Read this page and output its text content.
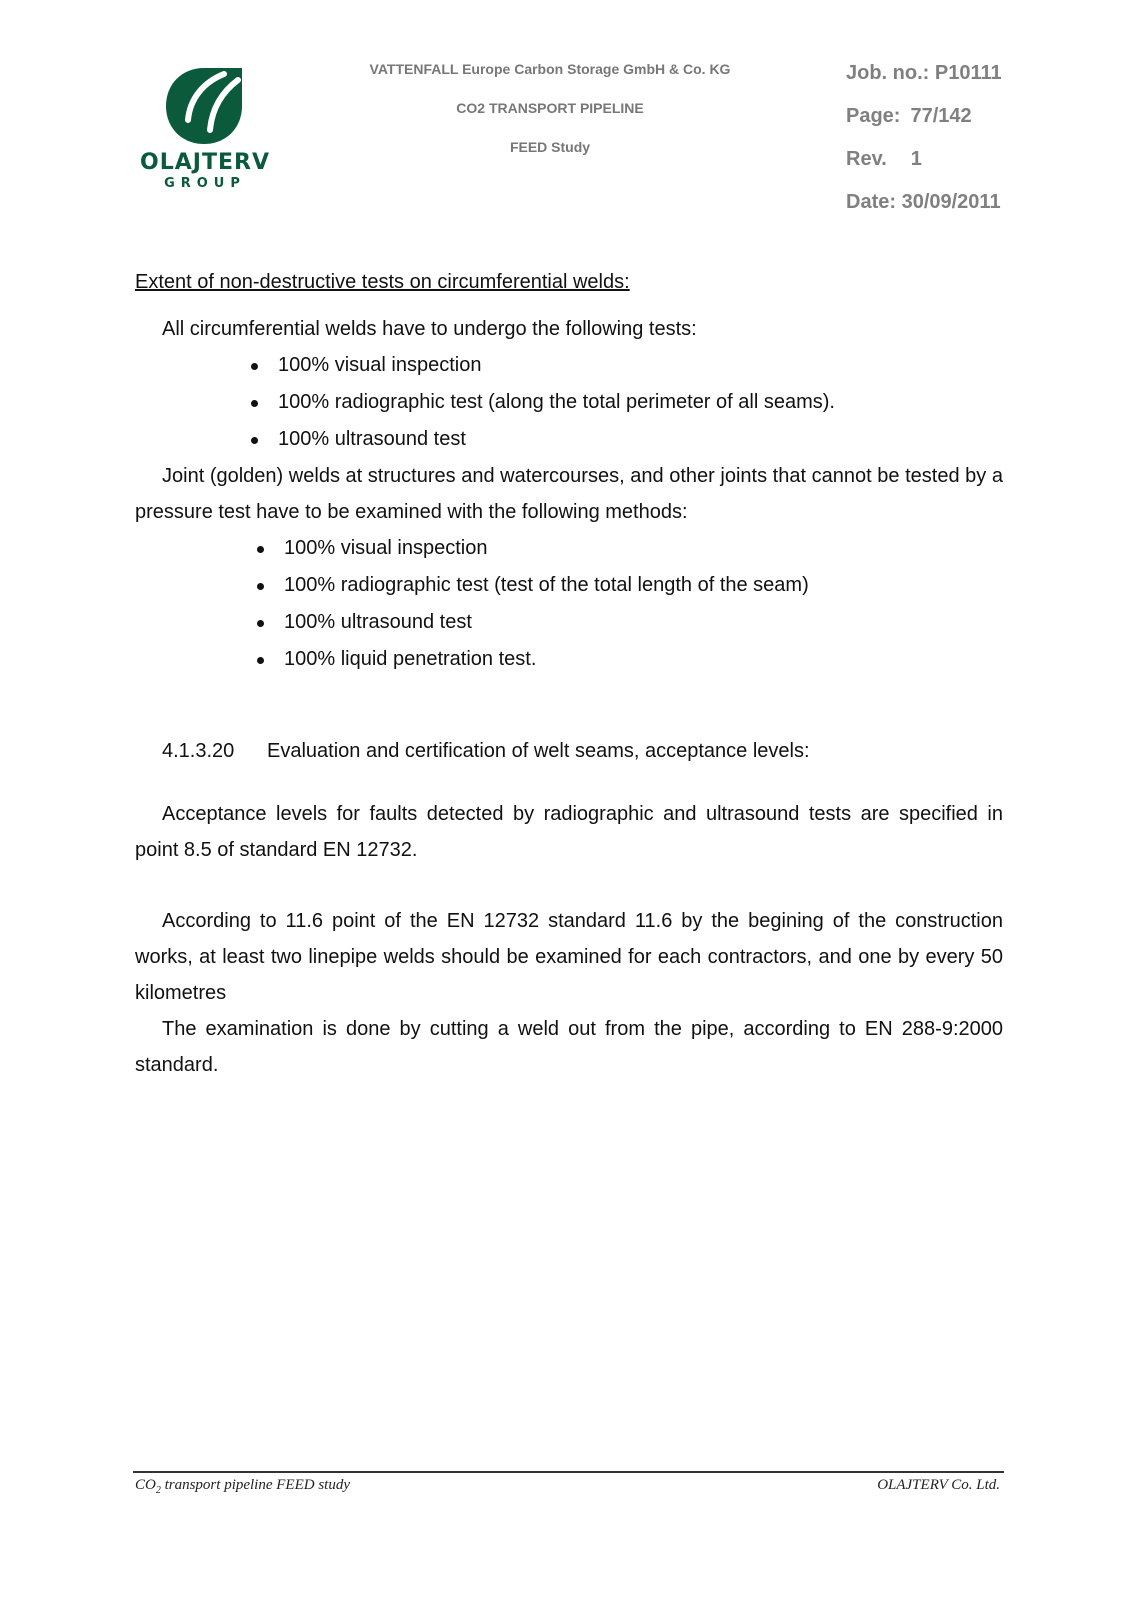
OLAJTERV
GROUP
VATTENFALL Europe Carbon Storage GmbH & Co. KG
CO2 TRANSPORT PIPELINE
FEED Study
Job. no.: P10111
Page: 77/142
Rev. 1
Date: 30/09/2011

Extent of non-destructive tests on circumferential welds:

All circumferential welds have to undergo the following tests:

100% visual inspection
100% radiographic test (along the total perimeter of all seams).
100% ultrasound test

Joint (golden) welds at structures and watercourses, and other joints that cannot be tested by a pressure test have to be examined with the following methods:

100% visual inspection
100% radiographic test (test of the total length of the seam)
100% ultrasound test
100% liquid penetration test.

4.1.3.20 Evaluation and certification of welt seams, acceptance levels:

Acceptance levels for faults detected by radiographic and ultrasound tests are specified in point 8.5 of standard EN 12732.

According to 11.6 point of the EN 12732 standard 11.6 by the begining of the construction works, at least two linepipe welds should be examined for each contractors, and one by every 50 kilometres

The examination is done by cutting a weld out from the pipe, according to EN 288-9:2000 standard.

$CO_2$ transport pipeline FEED study	OLAJTERV Co. Ltd.
